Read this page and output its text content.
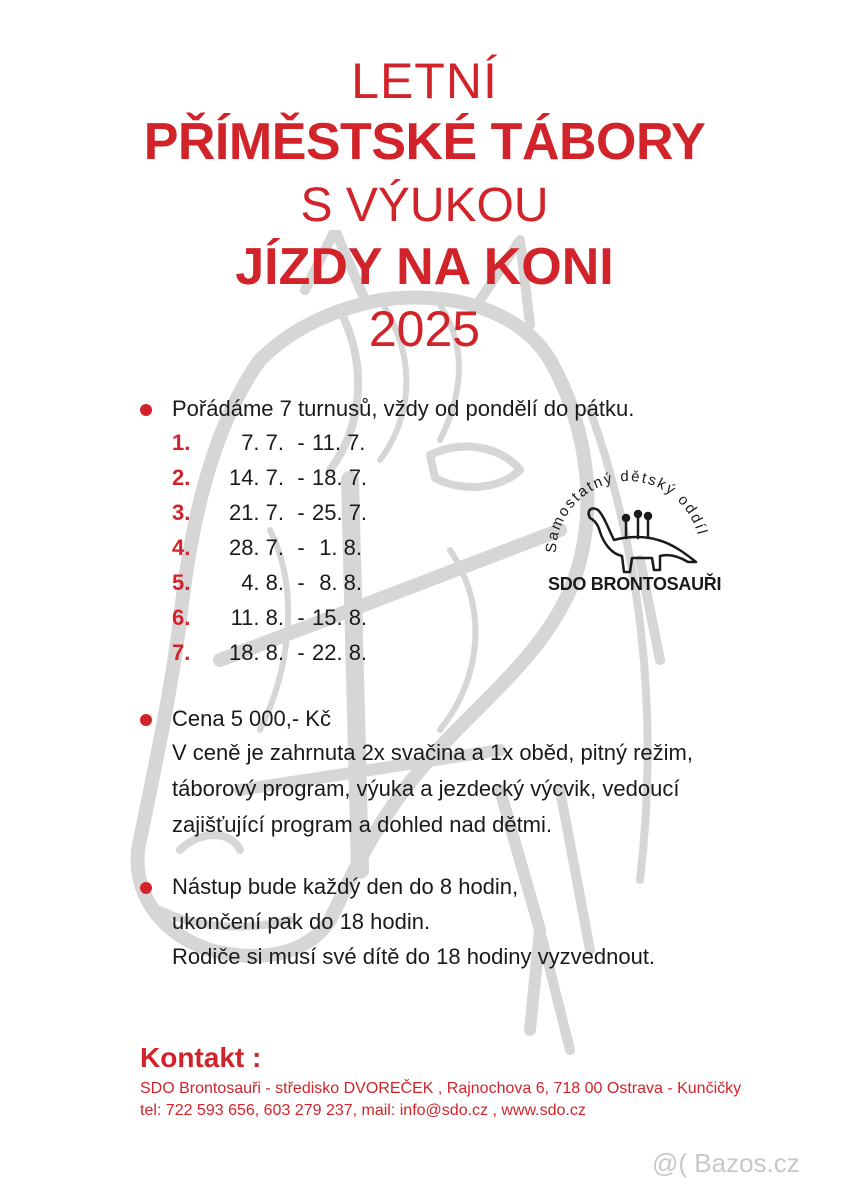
LETNÍ
PŘÍMĚSTSKÉ TÁBORY
S VÝUKOU
JÍZDY NA KONI
2025
Pořádáme 7 turnusů, vždy od pondělí do pátku.
1.	7. 7. - 11. 7.
2.	14. 7. - 18. 7.
3.	21. 7. - 25. 7.
4.	28. 7. - 1. 8.
5.	4. 8. - 8. 8.
6.	11. 8. - 15. 8.
7.	18. 8. - 22. 8.
Samostatný dětský oddíl
SDO BRONTOSAUŘI
Cena 5 000,- Kč
V ceně je zahrnuta 2x svačina a 1x oběd, pitný režim,
táborový program, výuka a jezdecký výcvik, vedoucí
zajišťující program a dohled nad dětmi.
Nástup bude každý den do 8 hodin,
ukončení pak do 18 hodin.
Rodiče si musí své dítě do 18 hodiny vyzvednout.
Kontakt :
SDO Brontosauři - středisko DVOREČEK , Rajnochova 6, 718 00 Ostrava - Kunčičky
tel: 722 593 656, 603 279 237, mail: info@sdo.cz , www.sdo.cz
@( Bazos.cz
